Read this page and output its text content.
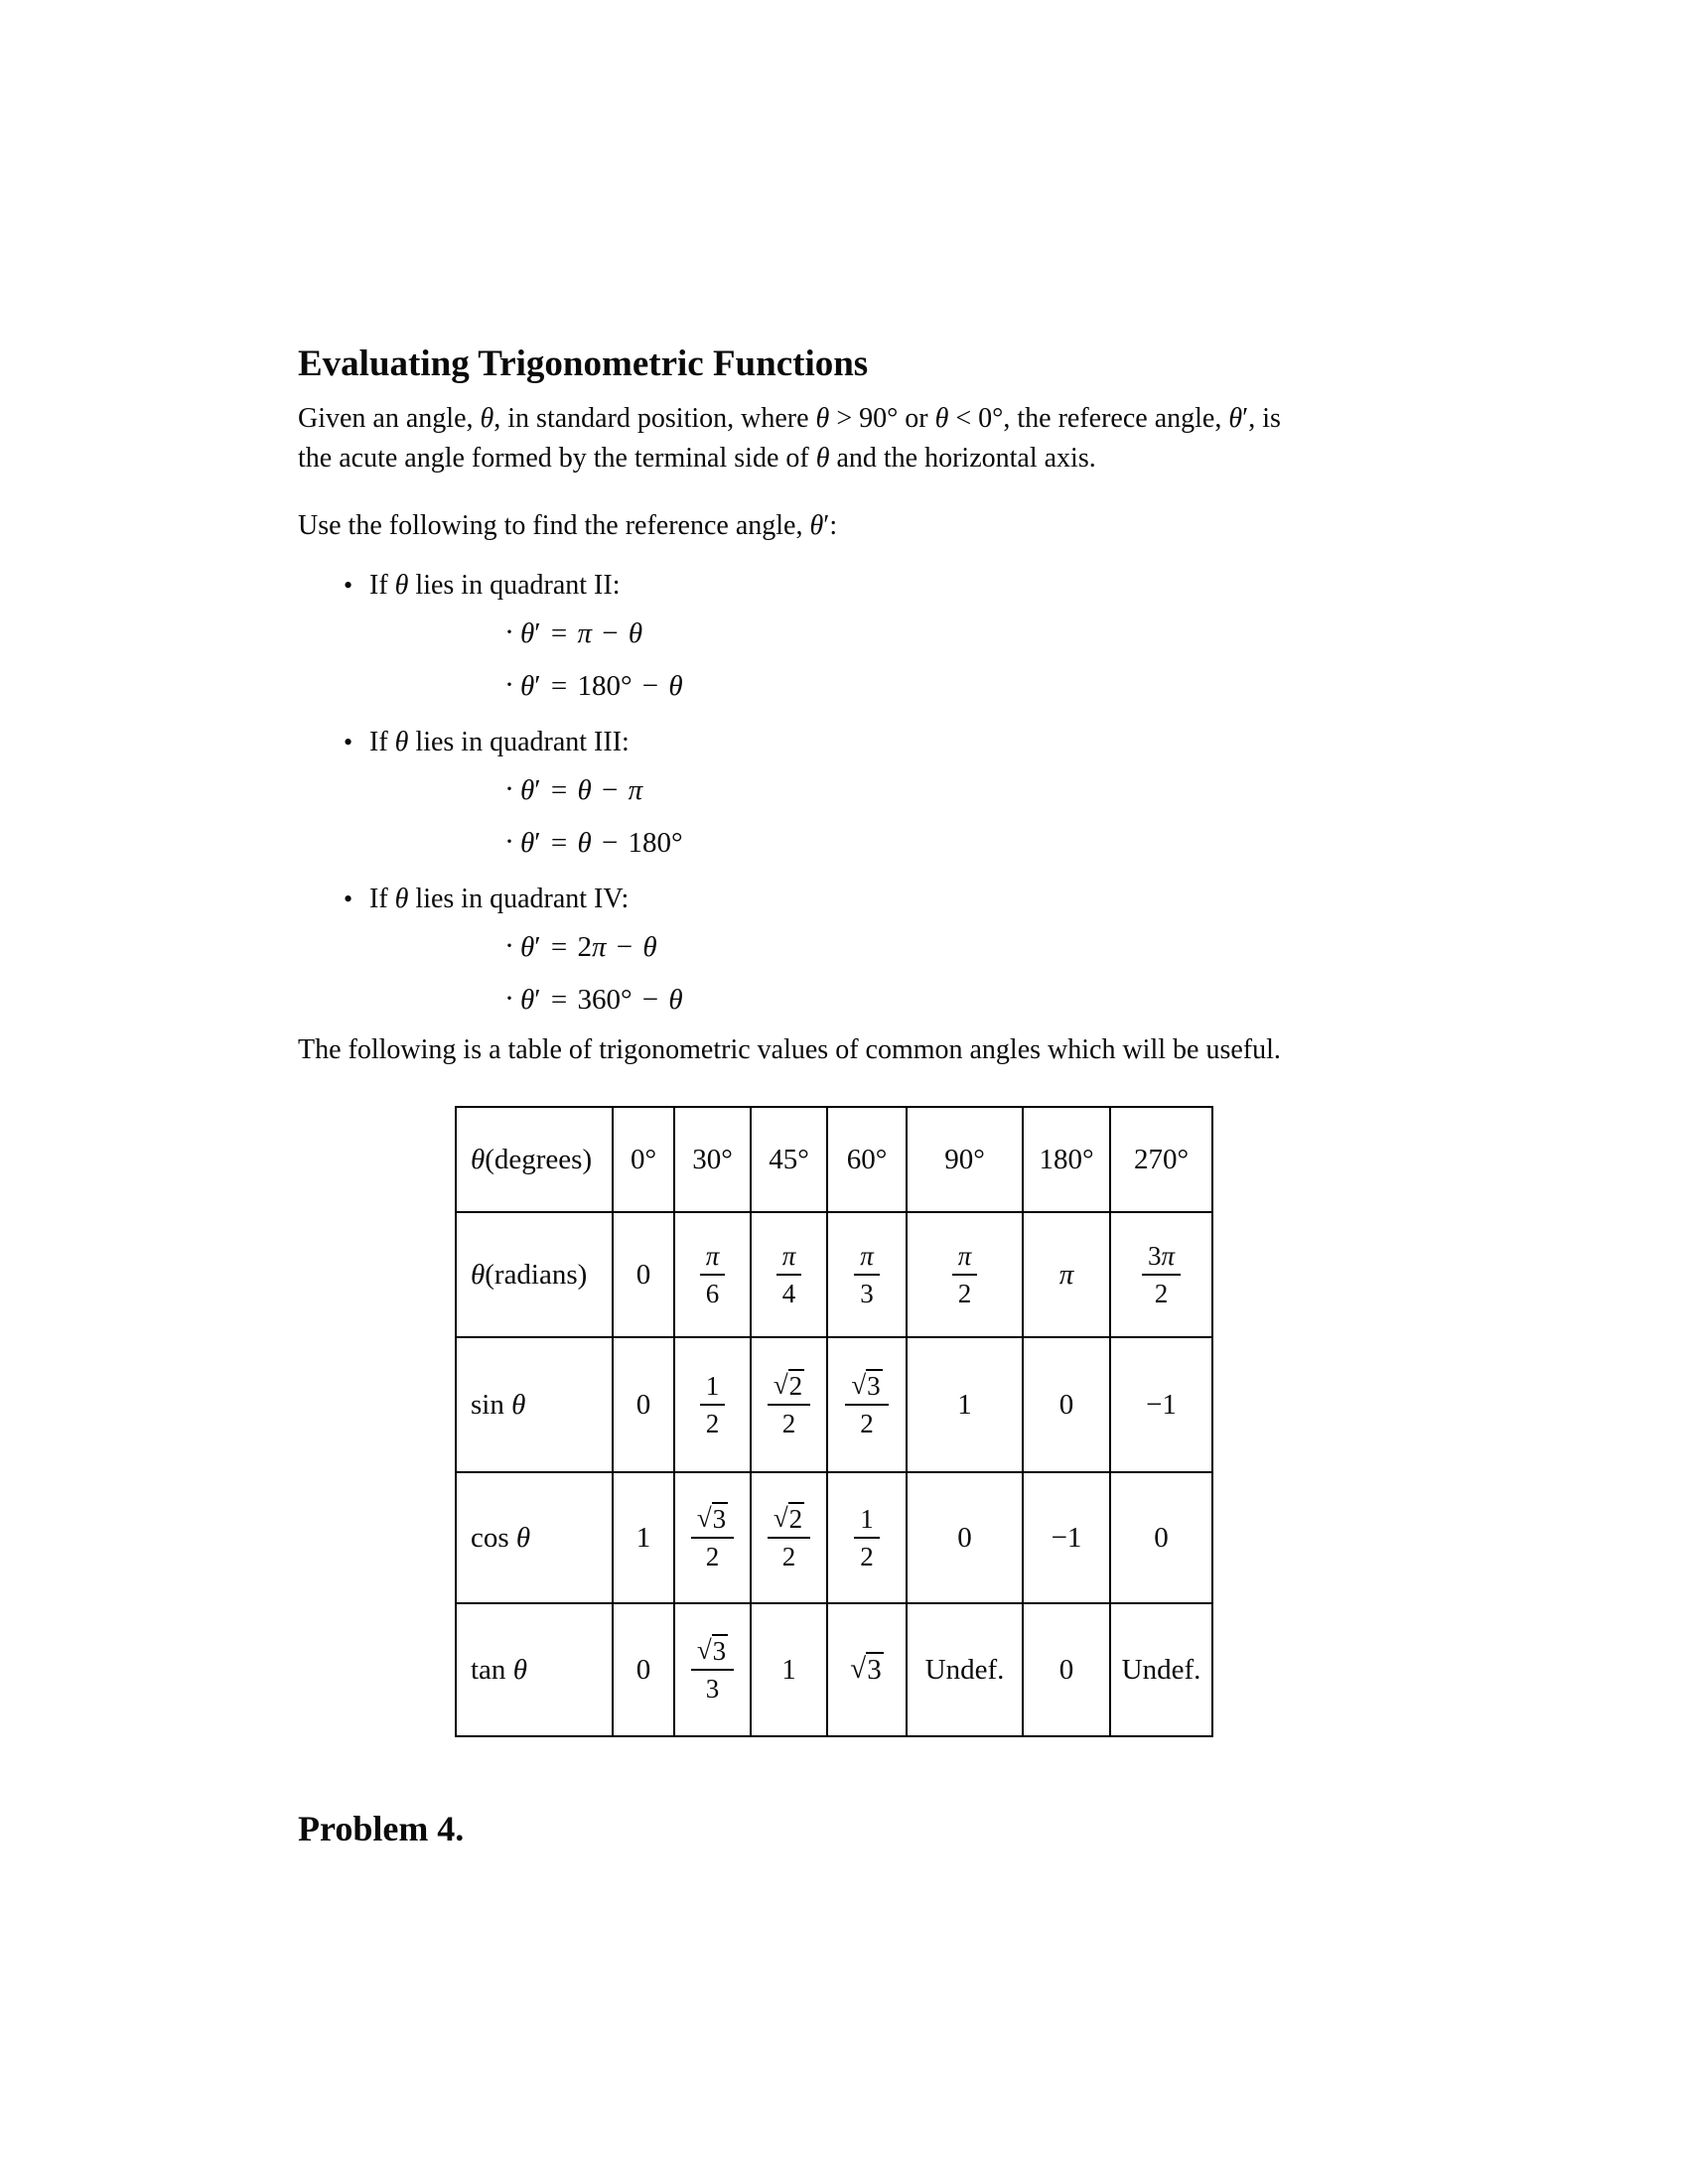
Evaluating Trigonometric Functions

Given an angle, θ, in standard position, where θ > 90° or θ < 0°, the referece angle, θ′, is
the acute angle formed by the terminal side of θ and the horizontal axis.

Use the following to find the reference angle, θ′:

• If θ lies in quadrant II:
· θ′ = π − θ
· θ′ = 180° − θ
• If θ lies in quadrant III:
· θ′ = θ − π
· θ′ = θ − 180°
• If θ lies in quadrant IV:
· θ′ = 2π − θ
· θ′ = 360° − θ

The following is a table of trigonometric values of common angles which will be useful.

θ(degrees)	0°	30°	45°	60°	90°	180°	270°
θ(radians)	0	$\frac{\pi}{6}$	$\frac{\pi}{4}$	$\frac{\pi}{3}$	$\frac{\pi}{2}$	π	$\frac{3\pi}{2}$

sin θ	0	$\frac{1}{2}$	$\frac{√2}{2}$	$\frac{√3}{2}$	1	0	−1
cos θ	1	$\frac{√3}{2}$	$\frac{√2}{2}$	$\frac{1}{2}$	0	−1	0
tan θ	0	$\frac{√3}{3}$	1	√3	Undef.	0	Undef.
Problem 4.
